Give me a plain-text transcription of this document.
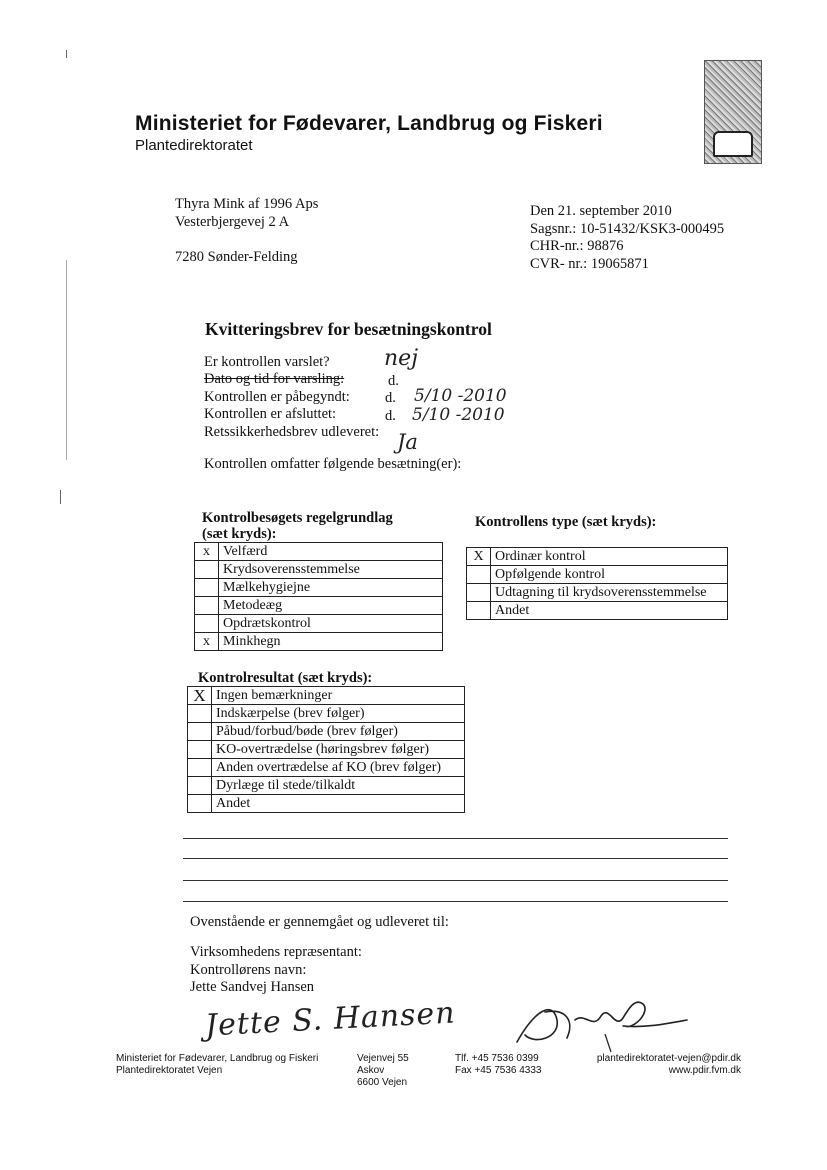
Ministeriet for Fødevarer, Landbrug og Fiskeri
Plantedirektoratet
Thyra Mink af 1996 Aps
Vesterbjergevej 2 A
7280 Sønder-Felding
Den 21. september 2010
Sagsnr.: 10-51432/KSK3-000495
CHR-nr.: 98876
CVR- nr.: 19065871
Kvitteringsbrev for besætningskontrol
Er kontrollen varslet? nej
Dato og tid for varsling:	d.
Kontrollen er påbegyndt: d. 5/10 -2010
Kontrollen er afsluttet:	d. 5/10 -2010
Retssikkerhedsbrev udleveret: Ja
Kontrollen omfatter følgende besætning(er):
Kontrolbesøgets regelgrundlag
(sæt kryds):
x	Velfærd
	Krydsoverensstemmelse
	Mælkehygiejne
	Metodeæg
	Opdrætskontrol
x	Minkhegn
Kontrollens type (sæt kryds):
X	Ordinær kontrol
	Opfølgende kontrol
	Udtagning til krydsoverensstemmelse
	Andet
Kontrolresultat (sæt kryds):
X	Ingen bemærkninger
	Indskærpelse (brev følger)
	Påbud/forbud/bøde (brev følger)
	KO-overtrædelse (høringsbrev følger)
	Anden overtrædelse af KO (brev følger)
	Dyrlæge til stede/tilkaldt
	Andet
Ovenstående er gennemgået og udleveret til:
Virksomhedens repræsentant:
Kontrollørens navn:
Jette Sandvej Hansen
Jette S. Hansen
Ministeriet for Fødevarer, Landbrug og Fiskeri
Plantedirektoratet Vejen
Vejenvej 55
Askov
6600 Vejen
Tlf. +45 7536 0399
Fax +45 7536 4333
plantedirektoratet-vejen@pdir.dk
www.pdir.fvm.dk
